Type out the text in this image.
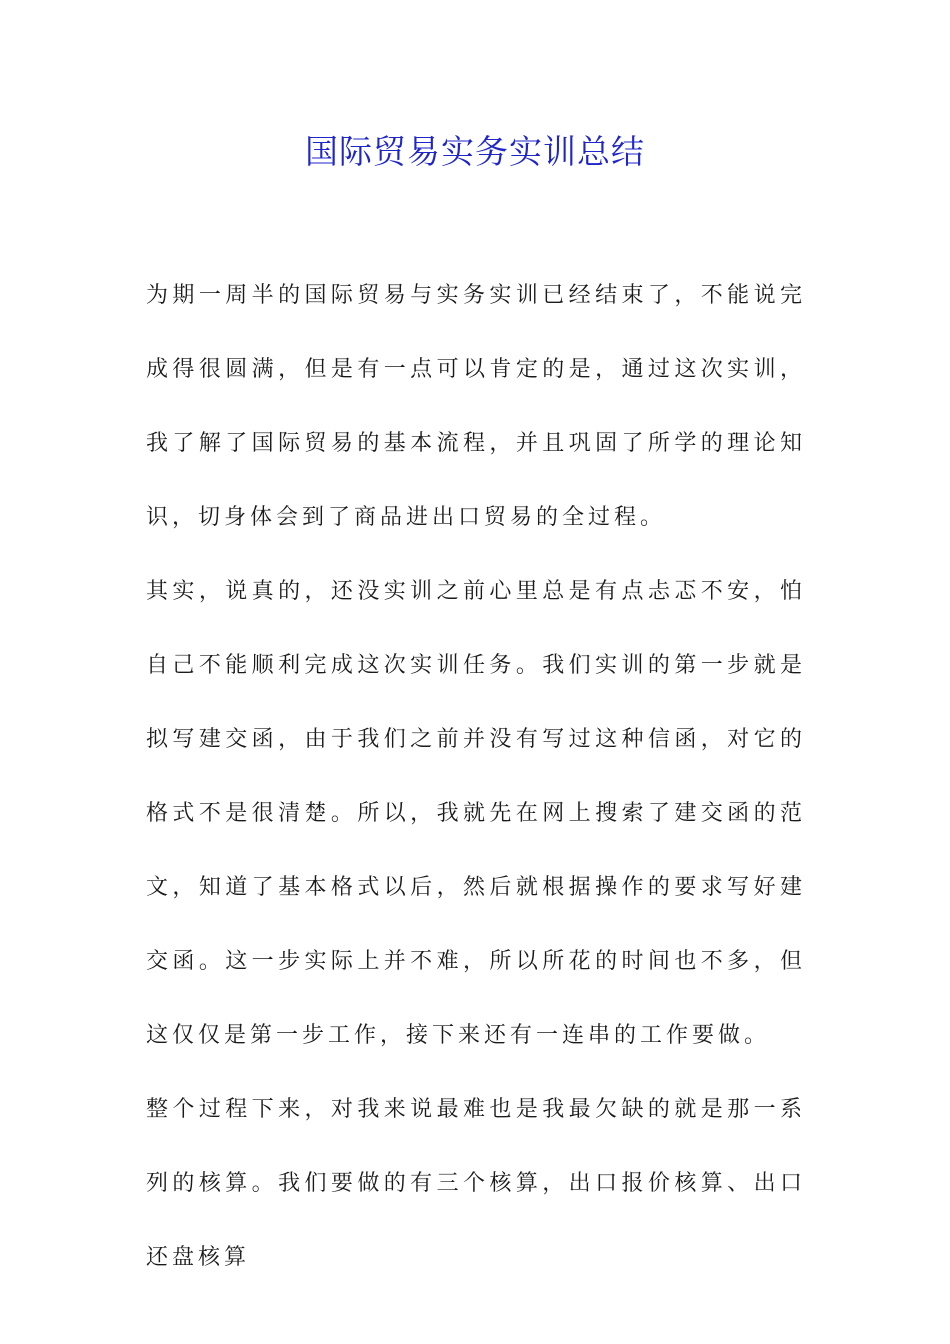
国际贸易实务实训总结

为期一周半的国际贸易与实务实训已经结束了，不能说完成得很圆满，但是有一点可以肯定的是，通过这次实训，我了解了国际贸易的基本流程，并且巩固了所学的理论知识，切身体会到了商品进出口贸易的全过程。

其实，说真的，还没实训之前心里总是有点忐忑不安，怕自己不能顺利完成这次实训任务。我们实训的第一步就是拟写建交函，由于我们之前并没有写过这种信函，对它的格式不是很清楚。所以，我就先在网上搜索了建交函的范文，知道了基本格式以后，然后就根据操作的要求写好建交函。这一步实际上并不难，所以所花的时间也不多，但这仅仅是第一步工作，接下来还有一连串的工作要做。

整个过程下来，对我来说最难也是我最欠缺的就是那一系列的核算。我们要做的有三个核算，出口报价核算、出口还盘核算
